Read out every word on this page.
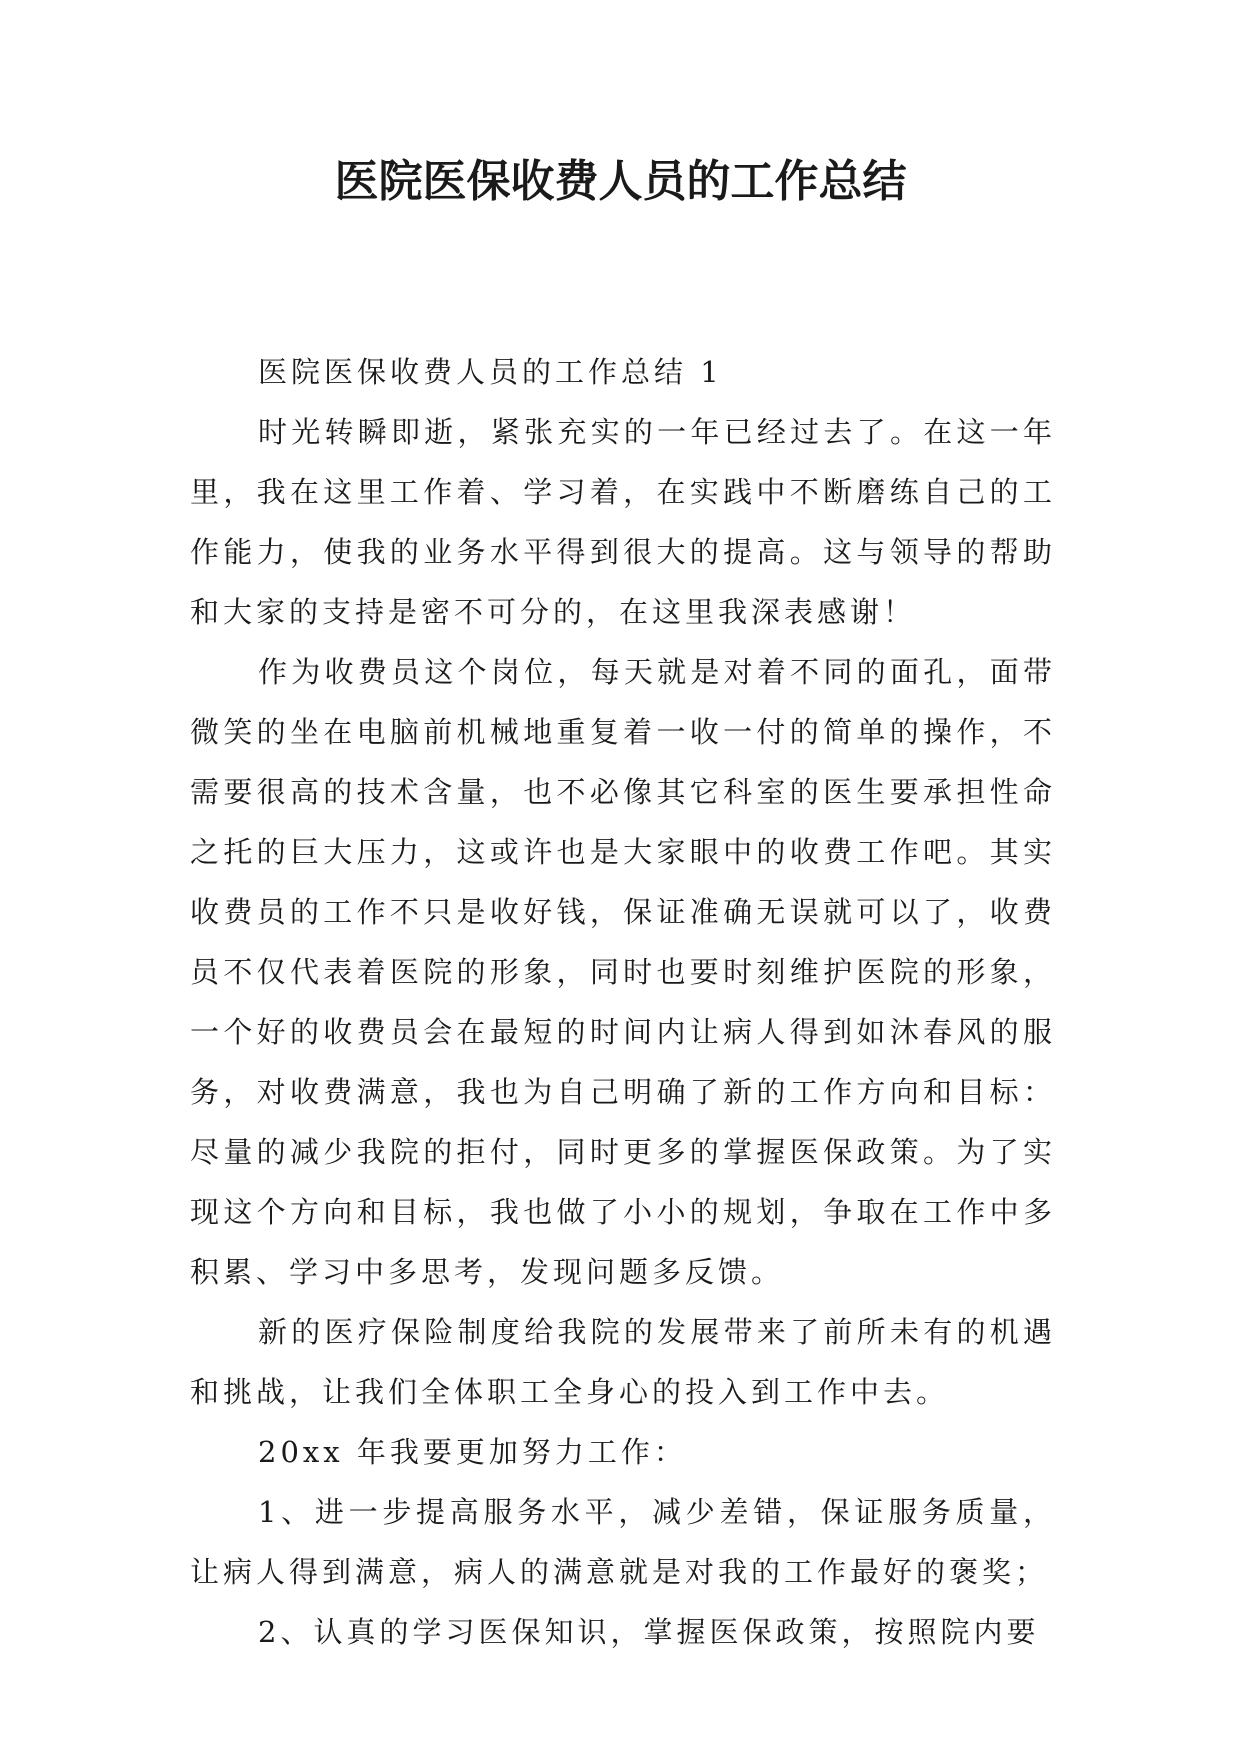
医院医保收费人员的工作总结

医院医保收费人员的工作总结 1

时光转瞬即逝，紧张充实的一年已经过去了。在这一年里，我在这里工作着、学习着，在实践中不断磨练自己的工作能力，使我的业务水平得到很大的提高。这与领导的帮助和大家的支持是密不可分的，在这里我深表感谢！

作为收费员这个岗位，每天就是对着不同的面孔，面带微笑的坐在电脑前机械地重复着一收一付的简单的操作，不需要很高的技术含量，也不必像其它科室的医生要承担性命之托的巨大压力，这或许也是大家眼中的收费工作吧。其实收费员的工作不只是收好钱，保证准确无误就可以了，收费员不仅代表着医院的形象，同时也要时刻维护医院的形象，一个好的收费员会在最短的时间内让病人得到如沐春风的服务，对收费满意，我也为自己明确了新的工作方向和目标：尽量的减少我院的拒付，同时更多的掌握医保政策。为了实现这个方向和目标，我也做了小小的规划，争取在工作中多积累、学习中多思考，发现问题多反馈。

新的医疗保险制度给我院的发展带来了前所未有的机遇和挑战，让我们全体职工全身心的投入到工作中去。

20xx 年我要更加努力工作：

1、进一步提高服务水平，减少差错，保证服务质量，让病人得到满意，病人的满意就是对我的工作最好的褒奖；

2、认真的学习医保知识，掌握医保政策，按照院内要
